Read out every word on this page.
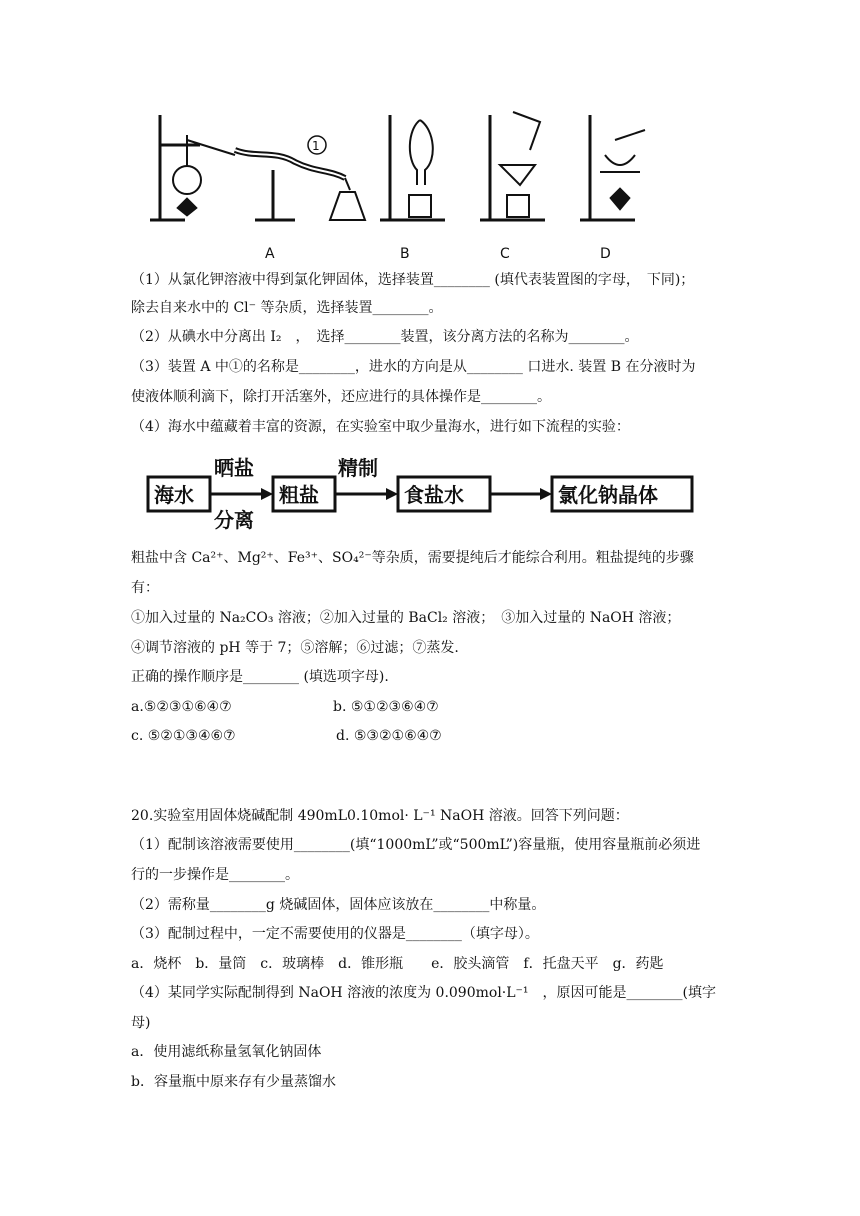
1
A	B	C	D
（1）从氯化钾溶液中得到氯化钾固体，选择装置________ (填代表装置图的字母，　下同)；
除去自来水中的 Cl⁻ 等杂质，选择装置________。
（2）从碘水中分离出 I₂　，　选择________装置，该分离方法的名称为________。
（3）装置 A 中①的名称是________，进水的方向是从________ 口进水. 装置 B 在分液时为
使液体顺利滴下，除打开活塞外，还应进行的具体操作是________。
（4）海水中蕴藏着丰富的资源，在实验室中取少量海水，进行如下流程的实验：
海水	粗盐	食盐水	氯化钠晶体
晒盐
分离
精制
粗盐中含 Ca²⁺、Mg²⁺、Fe³⁺、SO₄²⁻等杂质，需要提纯后才能综合利用。粗盐提纯的步骤
有：
①加入过量的 Na₂CO₃ 溶液；②加入过量的 BaCl₂ 溶液；　③加入过量的 NaOH 溶液；
④调节溶液的 pH 等于 7；⑤溶解；⑥过滤；⑦蒸发.
正确的操作顺序是________ (填选项字母).
a.⑤②③①⑥④⑦	b. ⑤①②③⑥④⑦
c. ⑤②①③④⑥⑦	d. ⑤③②①⑥④⑦
20.实验室用固体烧碱配制 490mL0.10mol· L⁻¹ NaOH 溶液。回答下列问题：
（1）配制该溶液需要使用________(填“1000mL”或“500mL”)容量瓶，使用容量瓶前必须进
行的一步操作是________。
（2）需称量________g 烧碱固体，固体应该放在________中称量。
（3）配制过程中，一定不需要使用的仪器是________（填字母）。
a．烧杯　b．量筒　c．玻璃棒　d．锥形瓶　　e．胶头滴管　f．托盘天平　g．药匙
（4）某同学实际配制得到 NaOH 溶液的浓度为 0.090mol·L⁻¹　，原因可能是________(填字
母)
a．使用滤纸称量氢氧化钠固体
b．容量瓶中原来存有少量蒸馏水
